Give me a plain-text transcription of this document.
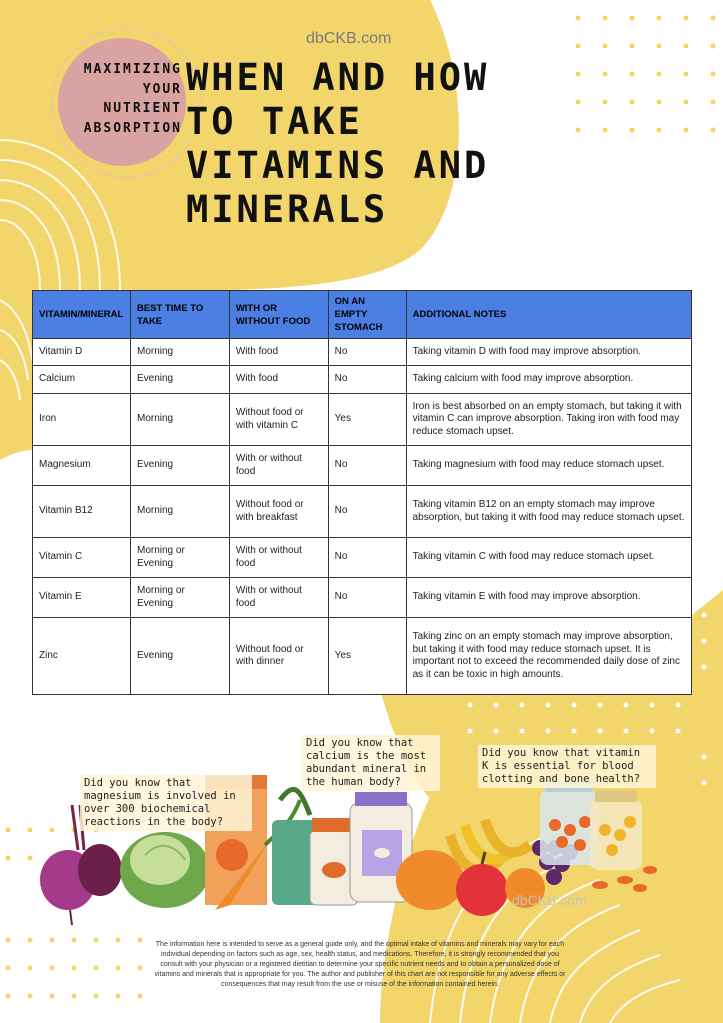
dbCKB.com
MAXIMIZING
YOUR
NUTRIENT
ABSORPTION
WHEN AND HOW
TO TAKE
VITAMINS AND
MINERALS
VITAMIN/MINERAL	BEST TIME TO TAKE	WITH OR WITHOUT FOOD	ON AN EMPTY STOMACH	ADDITIONAL NOTES
Vitamin D	Morning	With food	No	Taking vitamin D with food may improve absorption.
Calcium	Evening	With food	No	Taking calcium with food may improve absorption.
Iron	Morning	Without food or with vitamin C	Yes	Iron is best absorbed on an empty stomach, but taking it with vitamin C can improve absorption. Taking iron with food may reduce stomach upset.
Magnesium	Evening	With or without food	No	Taking magnesium with food may reduce stomach upset.
Vitamin B12	Morning	Without food or with breakfast	No	Taking vitamin B12 on an empty stomach may improve absorption, but taking it with food may reduce stomach upset.
Vitamin C	Morning or Evening	With or without food	No	Taking vitamin C with food may reduce stomach upset.
Vitamin E	Morning or Evening	With or without food	No	Taking vitamin E with food may improve absorption.
Zinc	Evening	Without food or with dinner	Yes	Taking zinc on an empty stomach may improve absorption, but taking it with food may reduce stomach upset. It is important not to exceed the recommended daily dose of zinc as it can be toxic in high amounts.
Did you know that magnesium is involved in over 300 biochemical reactions in the body?
Did you know that calcium is the most abundant mineral in the human body?
Did you know that vitamin K is essential for blood clotting and bone health?
dbCKB.com
The information here is intended to serve as a general guide only, and the optimal intake of vitamins and minerals may vary for each individual depending on factors such as age, sex, health status, and medications. Therefore, it is strongly recommended that you consult with your physician or a registered dietitian to determine your specific nutrient needs and to obtain a personalized dose of vitamins and minerals that is appropriate for you. The author and publisher of this chart are not responsible for any adverse effects or consequences that may result from the use or misuse of the information contained herein.
